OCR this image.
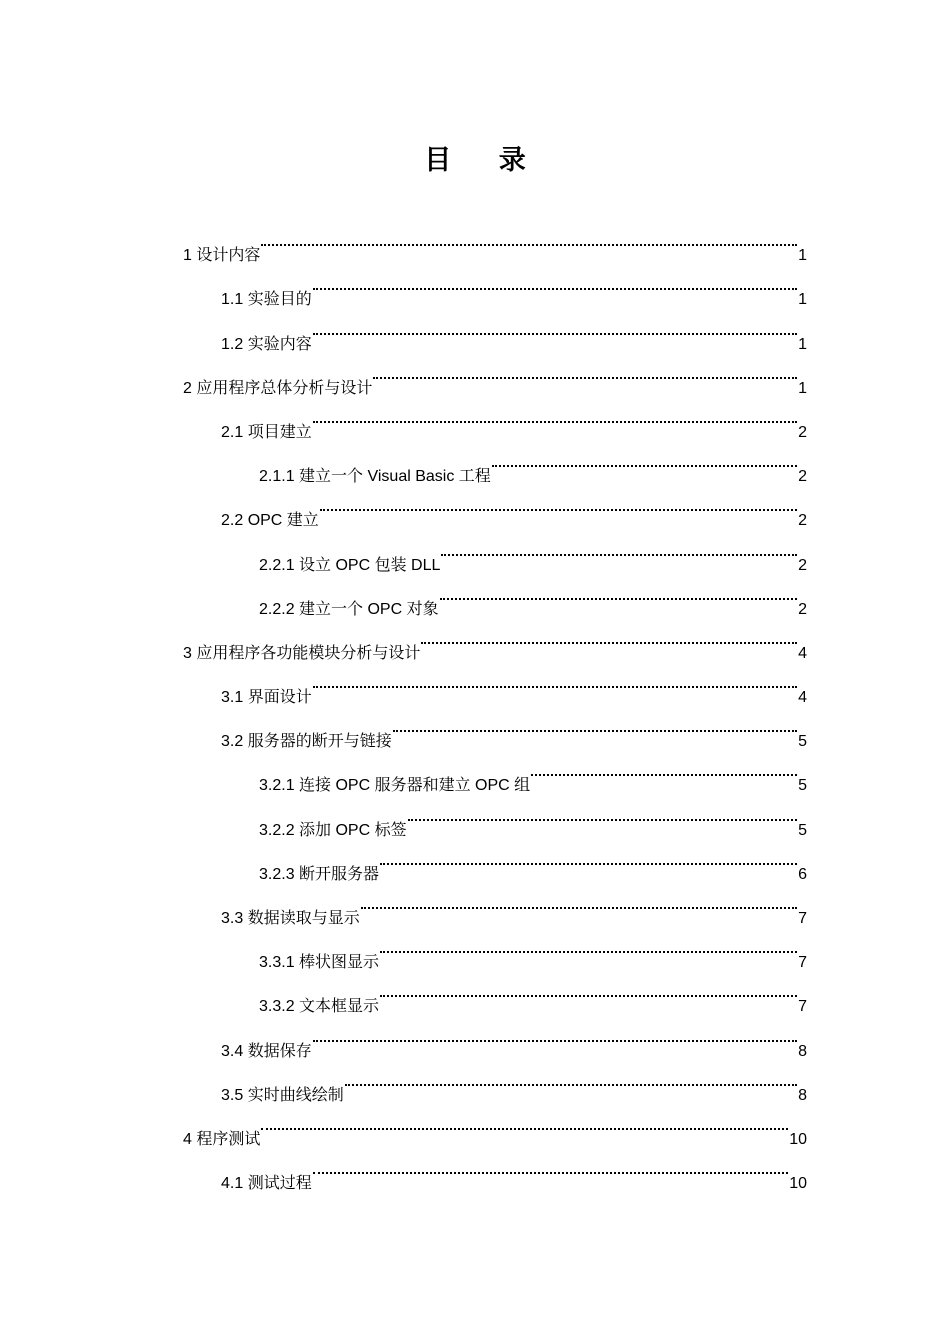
目 录
1 设计内容	1
1.1 实验目的	1
1.2 实验内容	1
2 应用程序总体分析与设计	1
2.1 项目建立	2
2.1.1 建立一个 Visual Basic 工程	2
2.2 OPC 建立	2
2.2.1 设立 OPC 包装 DLL	2
2.2.2 建立一个 OPC 对象	2
3 应用程序各功能模块分析与设计	4
3.1 界面设计	4
3.2 服务器的断开与链接	5
3.2.1 连接 OPC 服务器和建立 OPC 组	5
3.2.2 添加 OPC 标签	5
3.2.3 断开服务器	6
3.3 数据读取与显示	7
3.3.1 棒状图显示	7
3.3.2 文本框显示	7
3.4 数据保存	8
3.5 实时曲线绘制	8
4 程序测试	10
4.1 测试过程	10
